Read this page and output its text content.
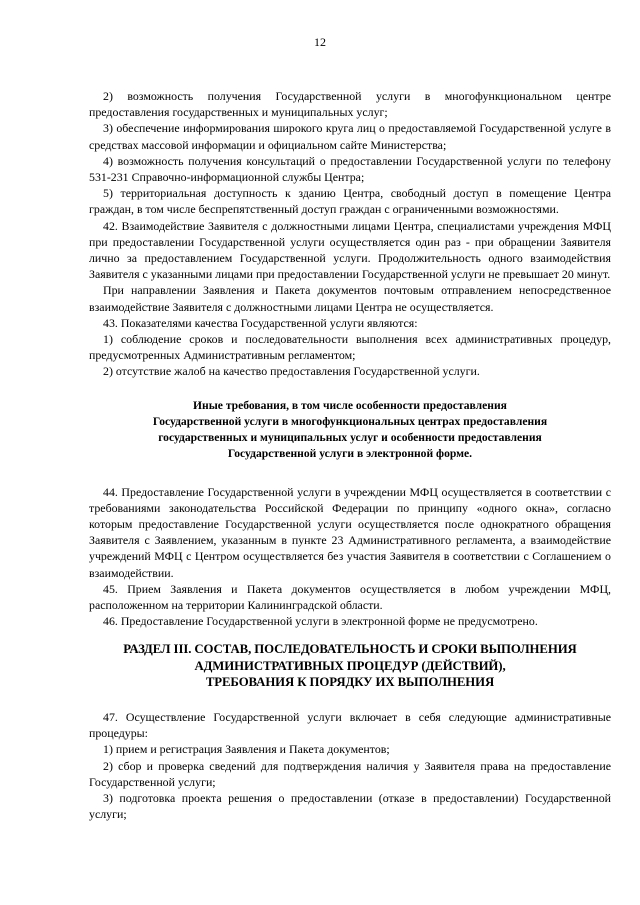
12

2) возможность получения Государственной услуги в многофункциональном центре предоставления государственных и муниципальных услуг;

3) обеспечение информирования широкого круга лиц о предоставляемой Государственной услуге в средствах массовой информации и официальном сайте Министерства;

4) возможность получения консультаций о предоставлении Государственной услуги по телефону 531-231 Справочно-информационной службы Центра;

5) территориальная доступность к зданию Центра, свободный доступ в помещение Центра граждан, в том числе беспрепятственный доступ граждан с ограниченными возможностями.

42. Взаимодействие Заявителя с должностными лицами Центра, специалистами учреждения МФЦ при предоставлении Государственной услуги осуществляется один раз - при обращении Заявителя лично за предоставлением Государственной услуги. Продолжительность одного взаимодействия Заявителя с указанными лицами при предоставлении Государственной услуги не превышает 20 минут.

При направлении Заявления и Пакета документов почтовым отправлением непосредственное взаимодействие Заявителя с должностными лицами Центра не осуществляется.

43. Показателями качества Государственной услуги являются:

1) соблюдение сроков и последовательности выполнения всех административных процедур, предусмотренных Административным регламентом;

2) отсутствие жалоб на качество предоставления Государственной услуги.

Иные требования, в том числе особенности предоставления
Государственной услуги в многофункциональных центрах предоставления
государственных и муниципальных услуг и особенности предоставления
Государственной услуги в электронной форме.

44. Предоставление Государственной услуги в учреждении МФЦ осуществляется в соответствии с требованиями законодательства Российской Федерации по принципу «одного окна», согласно которым предоставление Государственной услуги осуществляется после однократного обращения Заявителя с Заявлением, указанным в пункте 23 Административного регламента, а взаимодействие учреждений МФЦ с Центром осуществляется без участия Заявителя в соответствии с Соглашением о взаимодействии.

45. Прием Заявления и Пакета документов осуществляется в любом учреждении МФЦ, расположенном на территории Калининградской области.

46. Предоставление Государственной услуги в электронной форме не предусмотрено.

РАЗДЕЛ III. СОСТАВ, ПОСЛЕДОВАТЕЛЬНОСТЬ И СРОКИ ВЫПОЛНЕНИЯ
АДМИНИСТРАТИВНЫХ ПРОЦЕДУР (ДЕЙСТВИЙ),
ТРЕБОВАНИЯ К ПОРЯДКУ ИХ ВЫПОЛНЕНИЯ

47. Осуществление Государственной услуги включает в себя следующие административные процедуры:

1) прием и регистрация Заявления и Пакета документов;

2) сбор и проверка сведений для подтверждения наличия у Заявителя права на предоставление Государственной услуги;

3) подготовка проекта решения о предоставлении (отказе в предоставлении) Государственной услуги;
